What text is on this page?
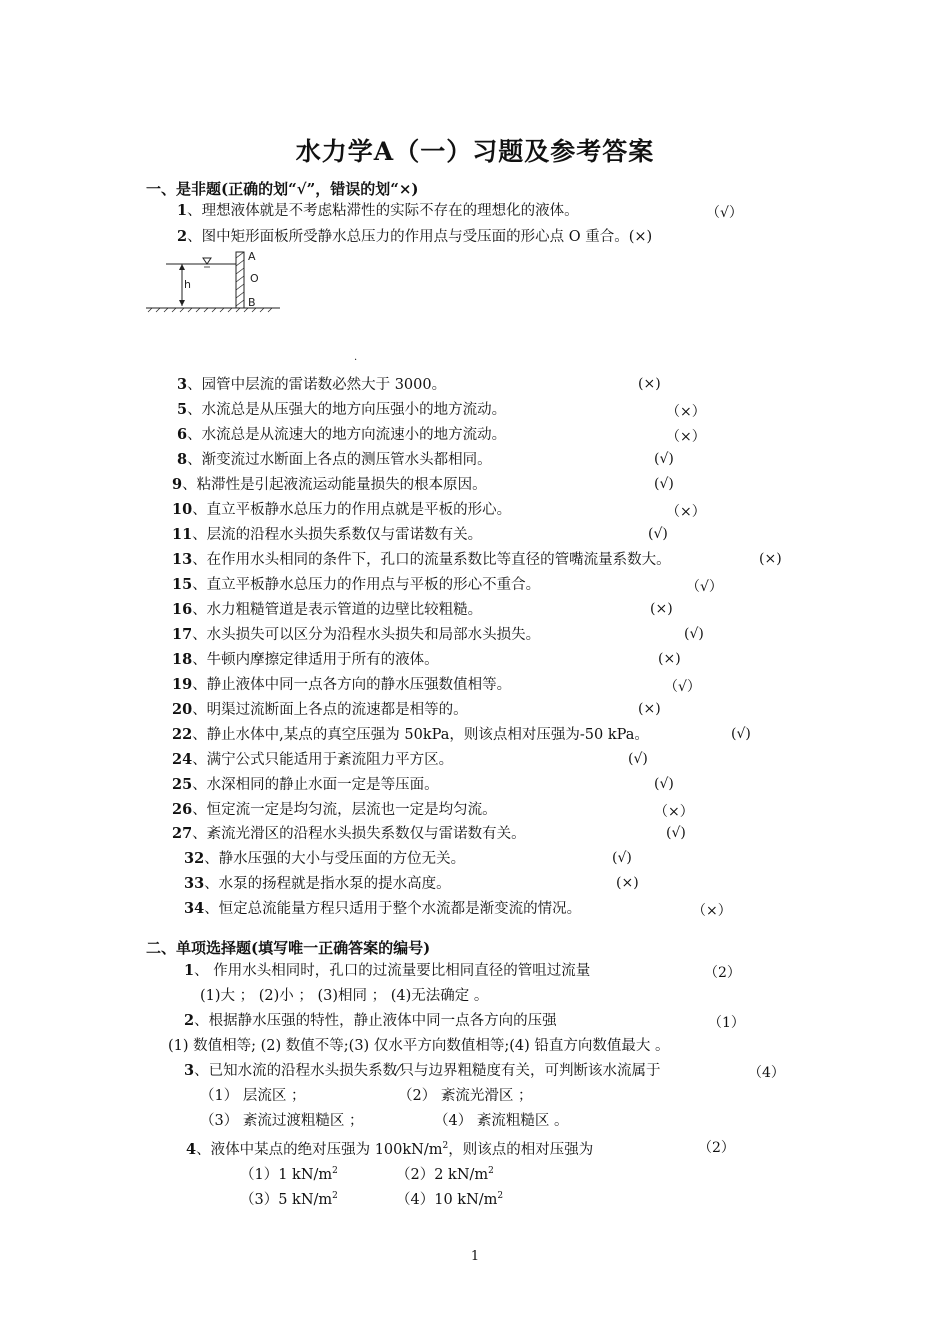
水力学A（一）习题及参考答案
一、是非题(正确的划“√”，错误的划“×)
1、理想液体就是不考虑粘滞性的实际不存在的理想化的液体。	（√）
2、图中矩形面板所受静水总压力的作用点与受压面的形心点 O 重合。(×)
h
A
O
B
.
3、园管中层流的雷诺数必然大于 3000。	(×)
5、水流总是从压强大的地方向压强小的地方流动。	（×）
6、水流总是从流速大的地方向流速小的地方流动。	（×）
8、渐变流过水断面上各点的测压管水头都相同。	(√)
9、粘滞性是引起液流运动能量损失的根本原因。	(√)
10、直立平板静水总压力的作用点就是平板的形心。	（×）
11、层流的沿程水头损失系数仅与雷诺数有关。	(√)
13、在作用水头相同的条件下，孔口的流量系数比等直径的管嘴流量系数大。	(×)
15、直立平板静水总压力的作用点与平板的形心不重合。	（√）
16、水力粗糙管道是表示管道的边壁比较粗糙。	(×)
17、水头损失可以区分为沿程水头损失和局部水头损失。	(√)
18、牛顿内摩擦定律适用于所有的液体。	(×)
19、静止液体中同一点各方向的静水压强数值相等。	（√）
20、明渠过流断面上各点的流速都是相等的。	(×)
22、静止水体中,某点的真空压强为 50kPa，则该点相对压强为-50 kPa。	(√)
24、满宁公式只能适用于紊流阻力平方区。	(√)
25、水深相同的静止水面一定是等压面。	(√)
26、恒定流一定是均匀流，层流也一定是均匀流。	（×）
27、紊流光滑区的沿程水头损失系数仅与雷诺数有关。	(√)
32、静水压强的大小与受压面的方位无关。	(√)
33、水泵的扬程就是指水泵的提水高度。	(×)
34、恒定总流能量方程只适用于整个水流都是渐变流的情况。	（×）
二、单项选择题(填写唯一正确答案的编号)
1、 作用水头相同时，孔口的过流量要比相同直径的管咀过流量	（2）
(1)大 ； (2)小 ； (3)相同 ； (4)无法确定 。
2、根据静水压强的特性，静止液体中同一点各方向的压强	（1）
(1) 数值相等; (2) 数值不等;(3) 仅水平方向数值相等;(4) 铅直方向数值最大 。
3、已知水流的沿程水头损失系数⁄只与边界粗糙度有关，可判断该水流属于	（4）
（1） 层流区 ；	（2） 紊流光滑区 ；
（3） 紊流过渡粗糙区 ；	（4） 紊流粗糙区 。
4、液体中某点的绝对压强为 $100kN/m^2$，则该点的相对压强为	（2）
（1）1 $kN/m^2$	（2）2 $kN/m^2$
（3）5 $kN/m^2$	（4）10 $kN/m^2$
1
